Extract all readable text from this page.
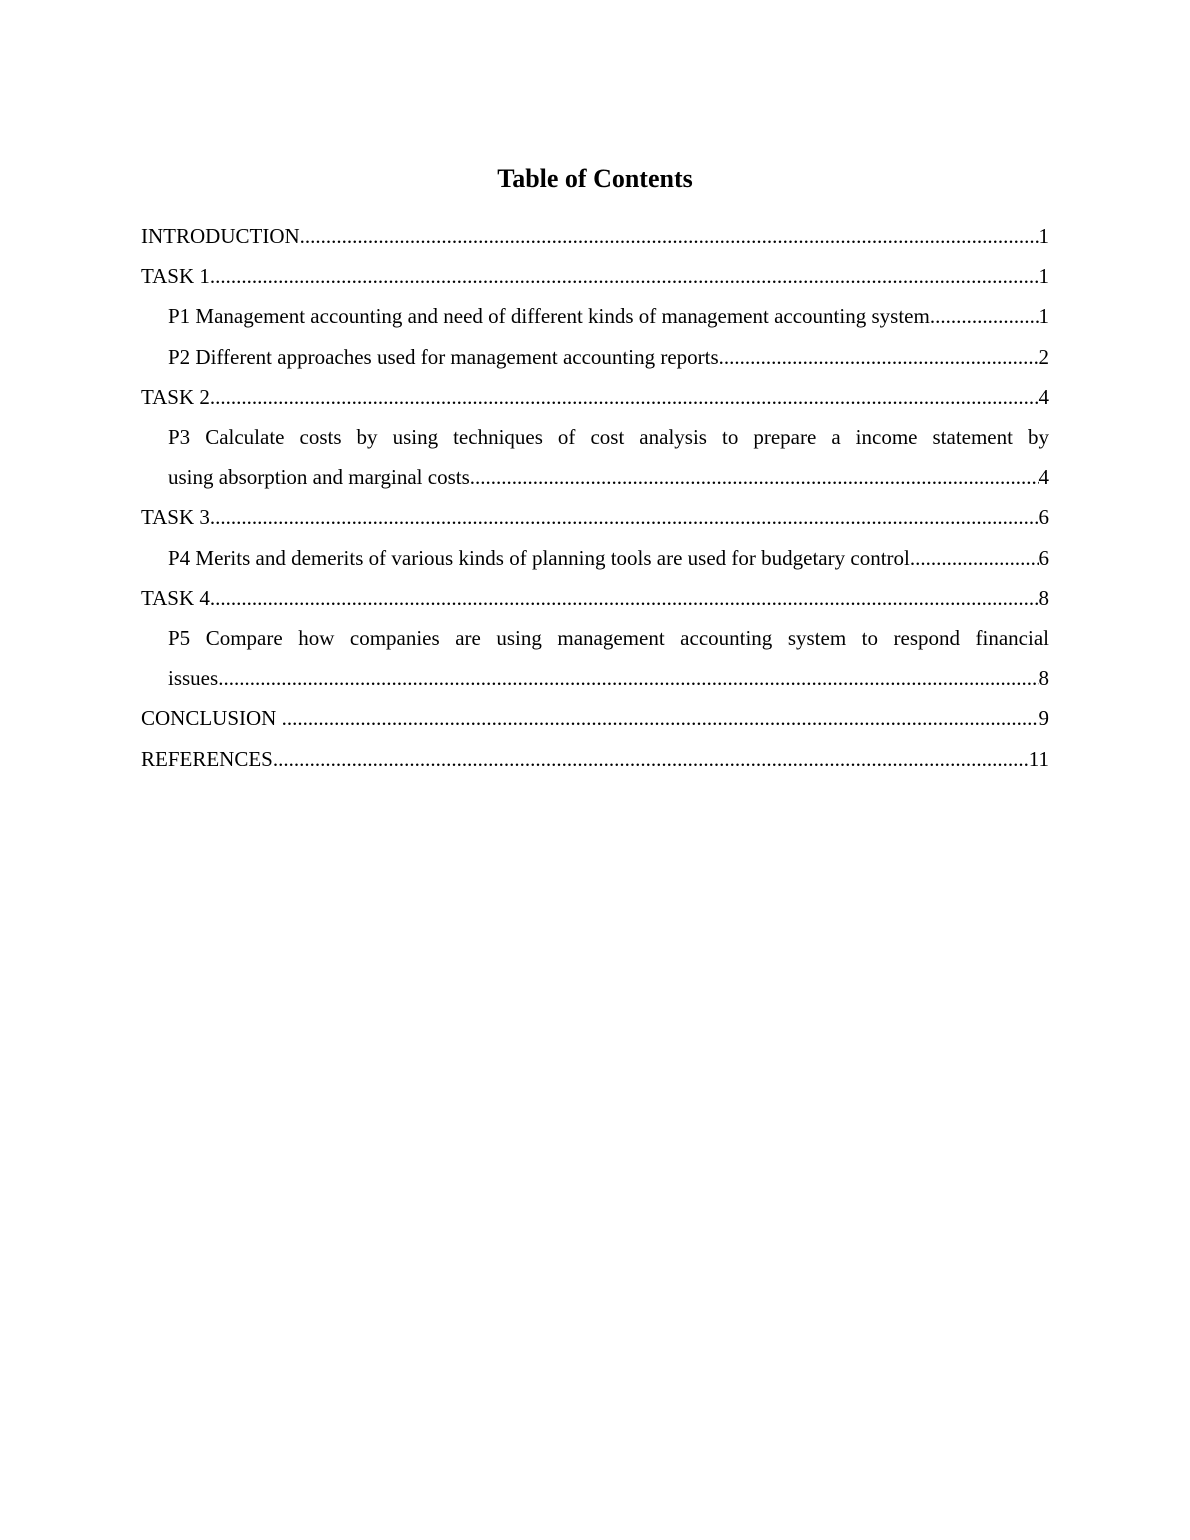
Table of Contents
INTRODUCTION .....	1
TASK 1 .....	1
P1 Management accounting and need of different kinds of management accounting system .....	1
P2 Different approaches used for management accounting reports .....	2
TASK 2 .....	4
P3 Calculate costs by using techniques of cost analysis to prepare a income statement by
using absorption and marginal costs .....	4
TASK 3 .....	6
P4 Merits and demerits of various kinds of planning tools are used for budgetary control .....	6
TASK 4 .....	8
P5 Compare how companies are using management accounting system to respond financial
issues .....	8
CONCLUSION .....	9
REFERENCES .....	11
